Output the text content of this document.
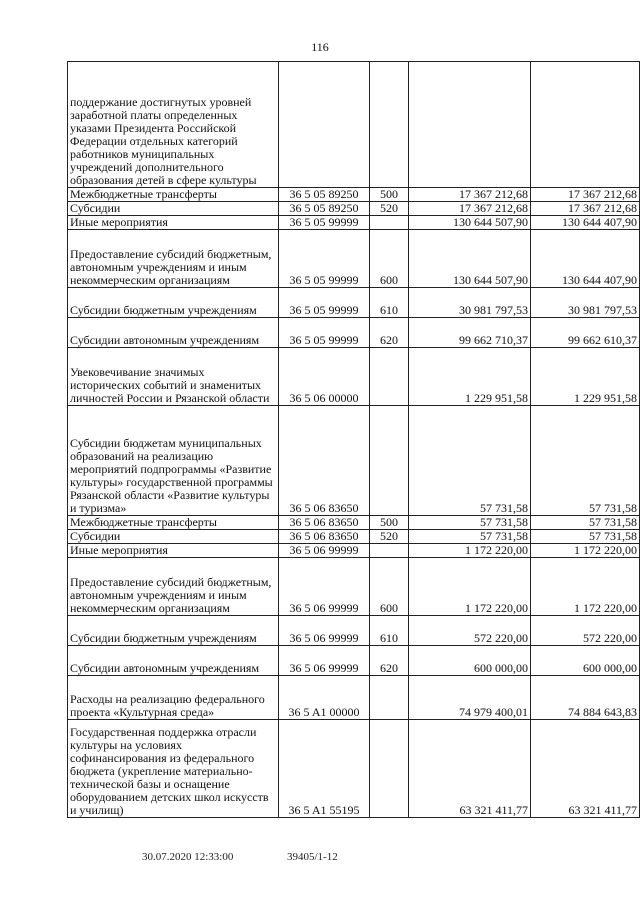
116
поддержание достигнутых уровней заработной платы определенных указами Президента Российской Федерации отдельных категорий работников муниципальных учреждений дополнительного образования детей в сфере культуры				
Межбюджетные трансферты	36 5 05 89250	500	17 367 212,68	17 367 212,68
Субсидии	36 5 05 89250	520	17 367 212,68	17 367 212,68
Иные мероприятия	36 5 05 99999		130 644 507,90	130 644 407,90
Предоставление субсидий бюджетным, автономным учреждениям и иным некоммерческим организациям	36 5 05 99999	600	130 644 507,90	130 644 407,90
Субсидии бюджетным учреждениям	36 5 05 99999	610	30 981 797,53	30 981 797,53
Субсидии автономным учреждениям	36 5 05 99999	620	99 662 710,37	99 662 610,37
Увековечивание значимых исторических событий и знаменитых личностей России и Рязанской области	36 5 06 00000		1 229 951,58	1 229 951,58
Субсидии бюджетам муниципальных образований на реализацию мероприятий подпрограммы «Развитие культуры» государственной программы Рязанской области «Развитие культуры и туризма»	36 5 06 83650		57 731,58	57 731,58
Межбюджетные трансферты	36 5 06 83650	500	57 731,58	57 731,58
Субсидии	36 5 06 83650	520	57 731,58	57 731,58
Иные мероприятия	36 5 06 99999		1 172 220,00	1 172 220,00
Предоставление субсидий бюджетным, автономным учреждениям и иным некоммерческим организациям	36 5 06 99999	600	1 172 220,00	1 172 220,00
Субсидии бюджетным учреждениям	36 5 06 99999	610	572 220,00	572 220,00
Субсидии автономным учреждениям	36 5 06 99999	620	600 000,00	600 000,00
Расходы на реализацию федерального проекта «Культурная среда»	36 5 A1 00000		74 979 400,01	74 884 643,83
Государственная поддержка отрасли культуры на условиях софинансирования из федерального бюджета (укрепление материально-технической базы и оснащение оборудованием детских школ искусств и училищ)	36 5 A1 55195		63 321 411,77	63 321 411,77
30.07.2020 12:33:00	39405/1-12
